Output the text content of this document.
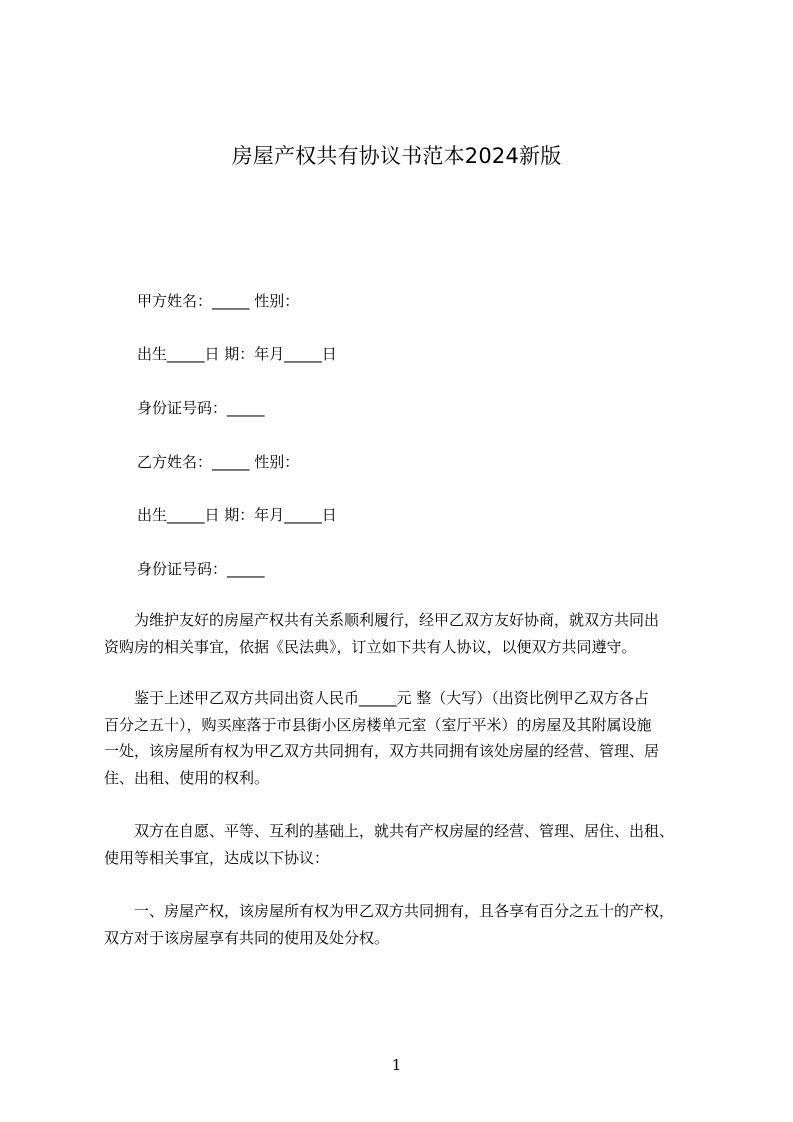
房屋产权共有协议书范本2024新版
甲方姓名：_____ 性别：
出生_____日 期：年月_____日
身份证号码：_____
乙方姓名：_____ 性别：
出生_____日 期：年月_____日
身份证号码：_____
　　为维护友好的房屋产权共有关系顺利履行，经甲乙双方友好协商，就双方共同出
资购房的相关事宜，依据《民法典》，订立如下共有人协议，以便双方共同遵守。
　　鉴于上述甲乙双方共同出资人民币_____元 整（大写）（出资比例甲乙双方各占
百分之五十），购买座落于市县街小区房楼单元室（室厅平米）的房屋及其附属设施
一处，该房屋所有权为甲乙双方共同拥有，双方共同拥有该处房屋的经营、管理、居
住、出租、使用的权利。
　　双方在自愿、平等、互利的基础上，就共有产权房屋的经营、管理、居住、出租、
使用等相关事宜，达成以下协议：
　　一、房屋产权，该房屋所有权为甲乙双方共同拥有，且各享有百分之五十的产权，
双方对于该房屋享有共同的使用及处分权。
1
